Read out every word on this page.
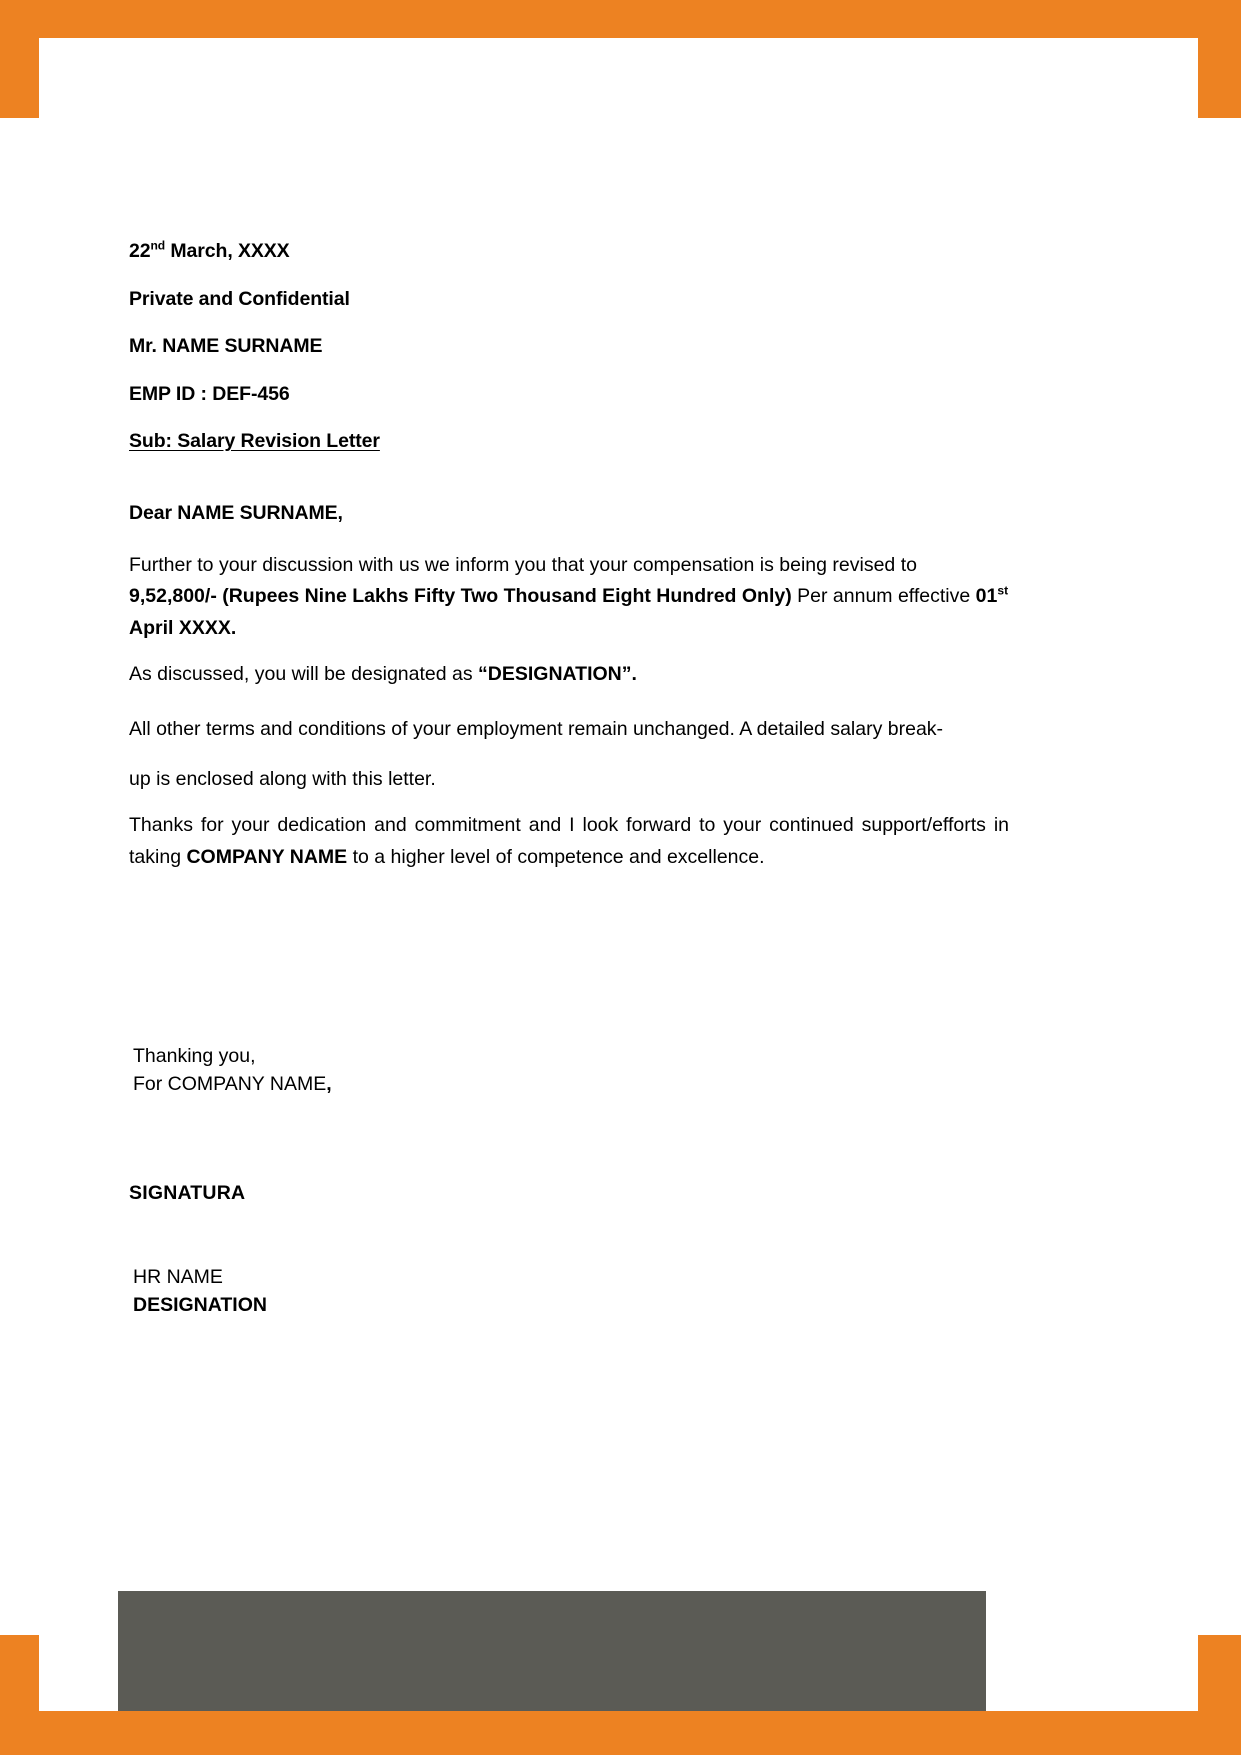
22nd March, XXXX
Private and Confidential
Mr. NAME SURNAME
EMP ID : DEF-456
Sub: Salary Revision Letter
Dear NAME SURNAME,

Further to your discussion with us we inform you that your compensation is being revised to 9,52,800/- (Rupees Nine Lakhs Fifty Two Thousand Eight Hundred Only) Per annum effective 01st April XXXX.

As discussed, you will be designated as “DESIGNATION”.

All other terms and conditions of your employment remain unchanged. A detailed salary break-
up is enclosed along with this letter.

Thanks for your dedication and commitment and I look forward to your continued support/efforts in taking COMPANY NAME to a higher level of competence and excellence.

Thanking you,
For COMPANY NAME,
SIGNATURA
HR NAME
DESIGNATION
